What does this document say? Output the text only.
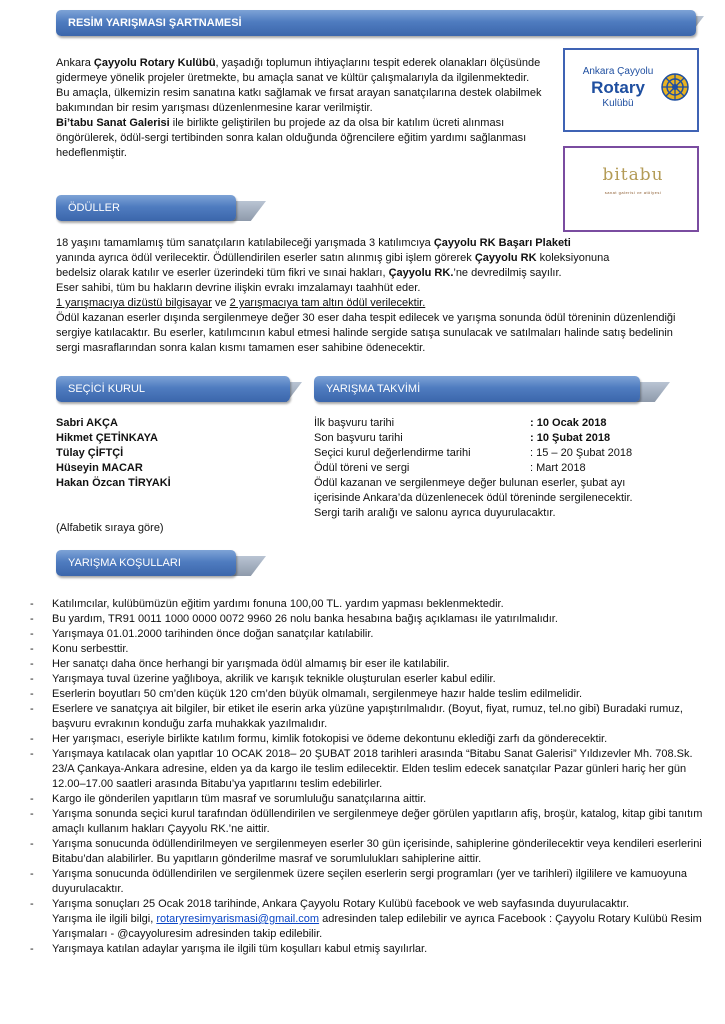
RESİM YARIŞMASI ŞARTNAMESİ

Ankara Çayyolu Rotary Kulübü, yaşadığı toplumun ihtiyaçlarını tespit ederek olanakları ölçüsünde gidermeye yönelik projeler üretmekte, bu amaçla sanat ve kültür çalışmalarıyla da ilgilenmektedir.

Bu amaçla, ülkemizin resim sanatına katkı sağlamak ve fırsat arayan sanatçılarına destek olabilmek bakımından bir resim yarışması düzenlenmesine karar verilmiştir.

Bi’tabu Sanat Galerisi ile birlikte geliştirilen bu projede az da olsa bir katılım ücreti alınması öngörülerek, ödül-sergi tertibinden sonra kalan olduğunda öğrencilere eğitim yardımı sağlanması hedeflenmiştir.

Ankara Çayyolu
Rotary
Kulübü
bitabu
sanat galerisi ve atölyesi
ÖDÜLLER

18 yaşını tamamlamış tüm sanatçıların katılabileceği yarışmada 3 katılımcıya Çayyolu RK Başarı Plaketi

yanında ayrıca ödül verilecektir. Ödüllendirilen eserler satın alınmış gibi işlem görerek Çayyolu RK koleksiyonuna

bedelsiz olarak katılır ve eserler üzerindeki tüm fikri ve sınai hakları, Çayyolu RK.’ne devredilmiş sayılır.

Eser sahibi, tüm bu hakların devrine ilişkin evrakı imzalamayı taahhüt eder.

1 yarışmacıya dizüstü bilgisayar ve 2 yarışmacıya tam altın ödül verilecektir.

Ödül kazanan eserler dışında sergilenmeye değer 30 eser daha tespit edilecek ve yarışma sonunda ödül töreninin düzenlendiği sergiye katılacaktır. Bu eserler, katılımcının kabul etmesi halinde sergide satışa sunulacak ve satılmaları halinde satış bedelinin sergi masraflarından sonra kalan kısmı tamamen eser sahibine ödenecektir.

SEÇİCİ KURUL	YARIŞMA TAKVİMİ
Sabri AKÇA
Hikmet ÇETİNKAYA
Tülay ÇİFTÇİ
Hüseyin MACAR
Hakan Özcan TİRYAKİ
(Alfabetik sıraya göre)
İlk başvuru tarihi	: 10 Ocak 2018
Son başvuru tarihi	: 10 Şubat 2018
Seçici kurul değerlendirme tarihi	: 15 – 20 Şubat 2018
Ödül töreni ve sergi	: Mart 2018

Ödül kazanan ve sergilenmeye değer bulunan eserler, şubat ayı içerisinde Ankara’da düzenlenecek ödül töreninde sergilenecektir.

Sergi tarih aralığı ve salonu ayrıca duyurulacaktır.

YARIŞMA KOŞULLARI
- Katılımcılar, kulübümüzün eğitim yardımı fonuna 100,00 TL. yardım yapması beklenmektedir.
- Bu yardım, TR91 0011 1000 0000 0072 9960 26 nolu banka hesabına bağış açıklaması ile yatırılmalıdır.
- Yarışmaya 01.01.2000 tarihinden önce doğan sanatçılar katılabilir.
- Konu serbesttir.
- Her sanatçı daha önce herhangi bir yarışmada ödül almamış bir eser ile katılabilir.
- Yarışmaya tuval üzerine yağlıboya, akrilik ve karışık teknikle oluşturulan eserler kabul edilir.
- Eserlerin boyutları 50 cm’den küçük 120 cm’den büyük olmamalı, sergilenmeye hazır halde teslim edilmelidir.
- Eserlere ve sanatçıya ait bilgiler, bir etiket ile eserin arka yüzüne yapıştırılmalıdır. (Boyut, fiyat, rumuz, tel.no gibi) Buradaki rumuz, başvuru evrakının konduğu zarfa muhakkak yazılmalıdır.
- Her yarışmacı, eseriyle birlikte katılım formu, kimlik fotokopisi ve ödeme dekontunu eklediği zarfı da gönderecektir.
- Yarışmaya katılacak olan yapıtlar 10 OCAK 2018– 20 ŞUBAT 2018 tarihleri arasında “Bitabu Sanat Galerisi” Yıldızevler Mh. 708.Sk. 23/A Çankaya-Ankara adresine, elden ya da kargo ile teslim edilecektir. Elden teslim edecek sanatçılar Pazar günleri hariç her gün 12.00–17.00 saatleri arasında Bitabu’ya yapıtlarını teslim edebilirler.
- Kargo ile gönderilen yapıtların tüm masraf ve sorumluluğu sanatçılarına aittir.
- Yarışma sonunda seçici kurul tarafından ödüllendirilen ve sergilenmeye değer görülen yapıtların afiş, broşür, katalog, kitap gibi tanıtım amaçlı kullanım hakları Çayyolu RK.’ne aittir.
- Yarışma sonucunda ödüllendirilmeyen ve sergilenmeyen eserler 30 gün içerisinde, sahiplerine gönderilecektir veya kendileri eserlerini Bitabu’dan alabilirler. Bu yapıtların gönderilme masraf ve sorumlulukları sahiplerine aittir.
- Yarışma sonucunda ödüllendirilen ve sergilenmek üzere seçilen eserlerin sergi programları (yer ve tarihleri) ilgililere ve kamuoyuna duyurulacaktır.
- Yarışma sonuçları 25 Ocak 2018 tarihinde, Ankara Çayyolu Rotary Kulübü facebook ve web sayfasında duyurulacaktır.
Yarışma ile ilgili bilgi, rotaryresimyarismasi@gmail.com adresinden talep edilebilir ve ayrıca Facebook : Çayyolu Rotary Kulübü Resim Yarışmaları - @cayyoluresim adresinden takip edilebilir.
- Yarışmaya katılan adaylar yarışma ile ilgili tüm koşulları kabul etmiş sayılırlar.
